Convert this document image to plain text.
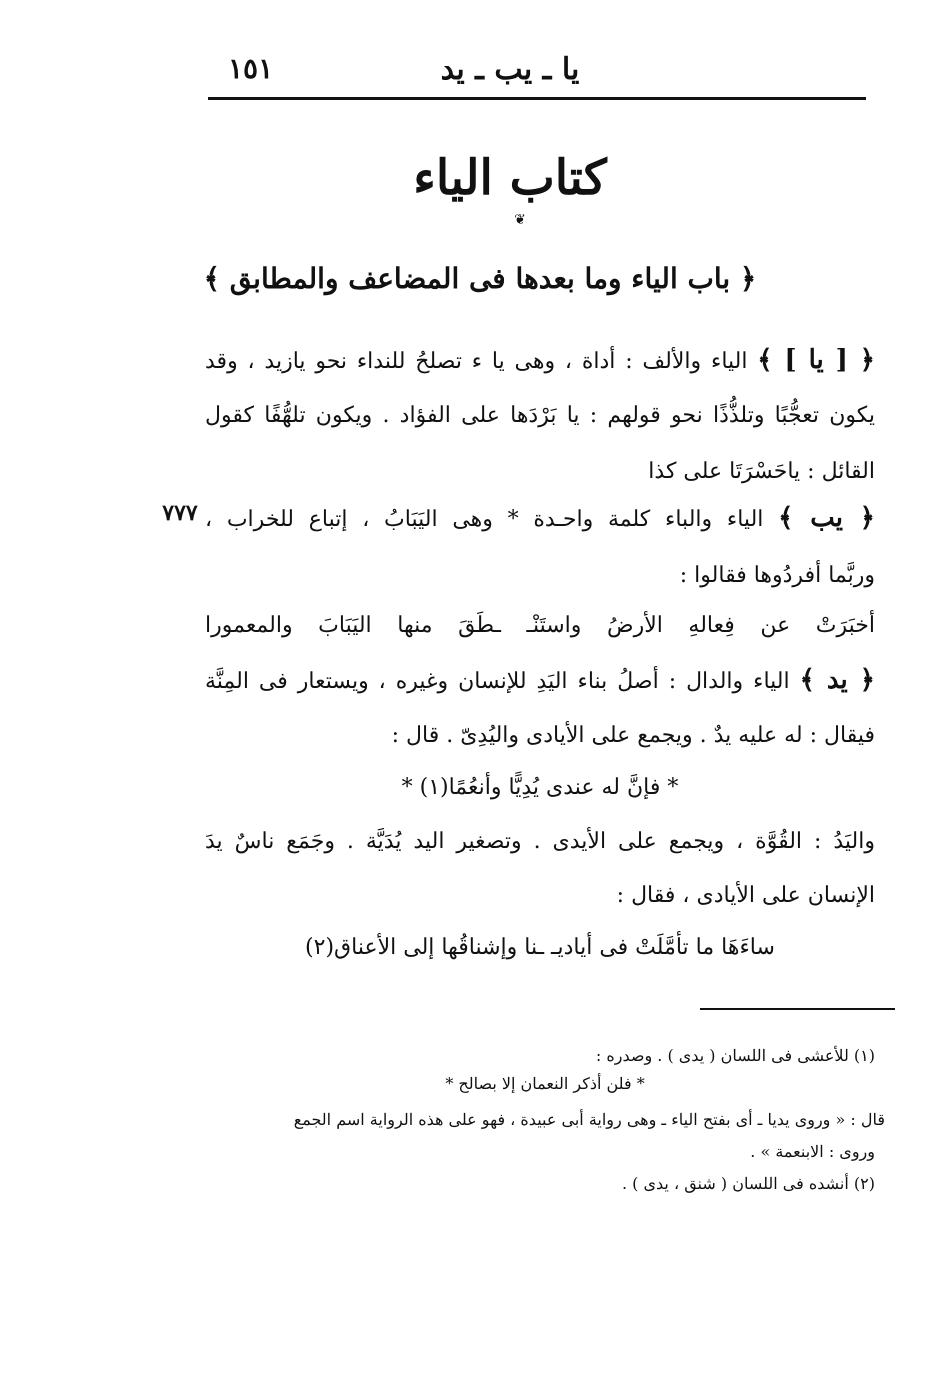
يا ـ يب ـ يد
١٥١
كتاب الياء
❦
﴿ باب الياء وما بعدها فى المضاعف والمطابق ﴾
﴿ [ يا ] ﴾ الياء والألف : أداة ، وهى يا ء تصلحُ للنداء نحو يازيد ، وقد
يكون تعجُّبًا وتلذُّذًا نحو قولهم : يا بَرْدَها على الفؤاد . ويكون تلهُّفًا كقول
القائل : ياحَسْرَتَا على كذا
٧٧٧	﴿ يب ﴾ الياء والباء كلمة واحـدة * وهى اليَبَابُ ، إتباع للخراب ،
وربَّما أفردُوها فقالوا :
أخبَرَتْ عن فِعالهِ الأرضُ واستَنْـ ـطَقَ منها اليَبَابَ والمعمورا
﴿ يد ﴾ الياء والدال : أصلُ بناء اليَدِ للإنسان وغيره ، ويستعار فى المِنَّة
فيقال : له عليه يدٌ . ويجمع على الأيادى واليُدِىّ . قال :
* فإنَّ له عندى يُدِيًّا وأنعُمًا(١) *
واليَدُ : القُوَّة ، ويجمع على الأيدى . وتصغير اليد يُدَيَّة . وجَمَع ناسٌ يدَ
الإنسان على الأيادى ، فقال :
ساءَهَا ما تأمَّلَتْ فى أياديـ ـنا وإشناقُها إلى الأعناق(٢)
(١) للأعشى فى اللسان ( يدى ) . وصدره :
* فلن أذكر النعمان إلا بصالح *
قال : « وروى يديا ـ أى بفتح الياء ـ وهى رواية أبى عبيدة ، فهو على هذه الرواية اسم الجمع
وروى : الابنعمة » .
(٢) أنشده فى اللسان ( شنق ، يدى ) .
